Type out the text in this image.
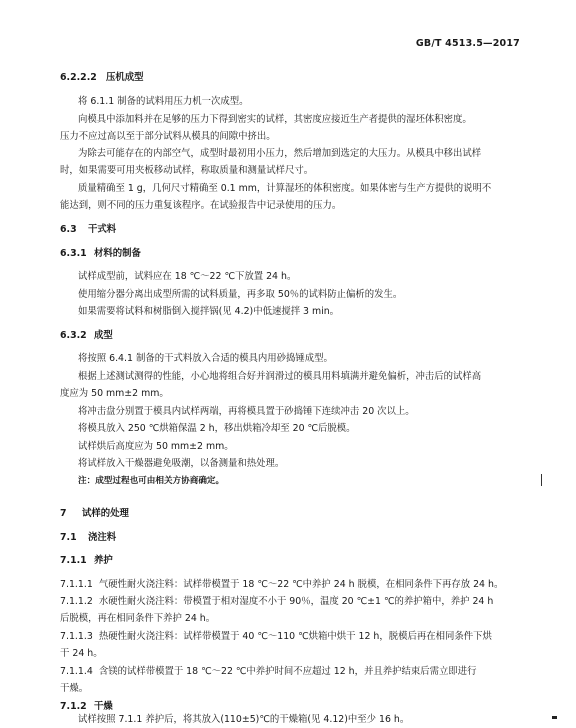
GB/T 4513.5—2017
6.2.2.2 压机成型
将 6.1.1 制备的试料用压力机一次成型。
向模具中添加料并在足够的压力下得到密实的试样，其密度应接近生产者提供的湿坯体积密度。
压力不应过高以至于部分试料从模具的间隙中挤出。
为除去可能存在的内部空气，成型时最初用小压力，然后增加到选定的大压力。从模具中移出试样
时，如果需要可用夹板移动试样，称取质量和测量试样尺寸。
质量精确至 1 g，几何尺寸精确至 0.1 mm，计算湿坯的体积密度。如果体密与生产方提供的说明不
能达到，则不同的压力重复该程序。在试验报告中记录使用的压力。
6.3 干式料
6.3.1 材料的制备
试样成型前，试料应在 18 ℃～22 ℃下放置 24 h。
使用缩分器分离出成型所需的试料质量，再多取 50％的试料防止偏析的发生。
如果需要将试料和树脂倒入搅拌锅(见 4.2)中低速搅拌 3 min。
6.3.2 成型
将按照 6.4.1 制备的干式料放入合适的模具内用砂捣锤成型。
根据上述测试测得的性能，小心地将组合好并润滑过的模具用料填满并避免偏析，冲击后的试样高
度应为 50 mm±2 mm。
将冲击盘分别置于模具内试样两端，再将模具置于砂捣锤下连续冲击 20 次以上。
将模具放入 250 ℃烘箱保温 2 h，移出烘箱冷却至 20 ℃后脱模。
试样烘后高度应为 50 mm±2 mm。
将试样放入干燥器避免吸潮，以备测量和热处理。
注：成型过程也可由相关方协商确定。
7 试样的处理
7.1 浇注料
7.1.1 养护
7.1.1.1 气硬性耐火浇注料：试样带模置于 18 ℃～22 ℃中养护 24 h 脱模，在相同条件下再存放 24 h。
7.1.1.2 水硬性耐火浇注料：带模置于相对湿度不小于 90％，温度 20 ℃±1 ℃的养护箱中，养护 24 h
后脱模，再在相同条件下养护 24 h。
7.1.1.3 热硬性耐火浇注料：试样带模置于 40 ℃～110 ℃烘箱中烘干 12 h，脱模后再在相同条件下烘
干 24 h。
7.1.1.4 含镁的试样带模置于 18 ℃～22 ℃中养护时间不应超过 12 h，并且养护结束后需立即进行
干燥。
7.1.2 干燥
试样按照 7.1.1 养护后，将其放入(110±5)℃的干燥箱(见 4.12)中至少 16 h。
